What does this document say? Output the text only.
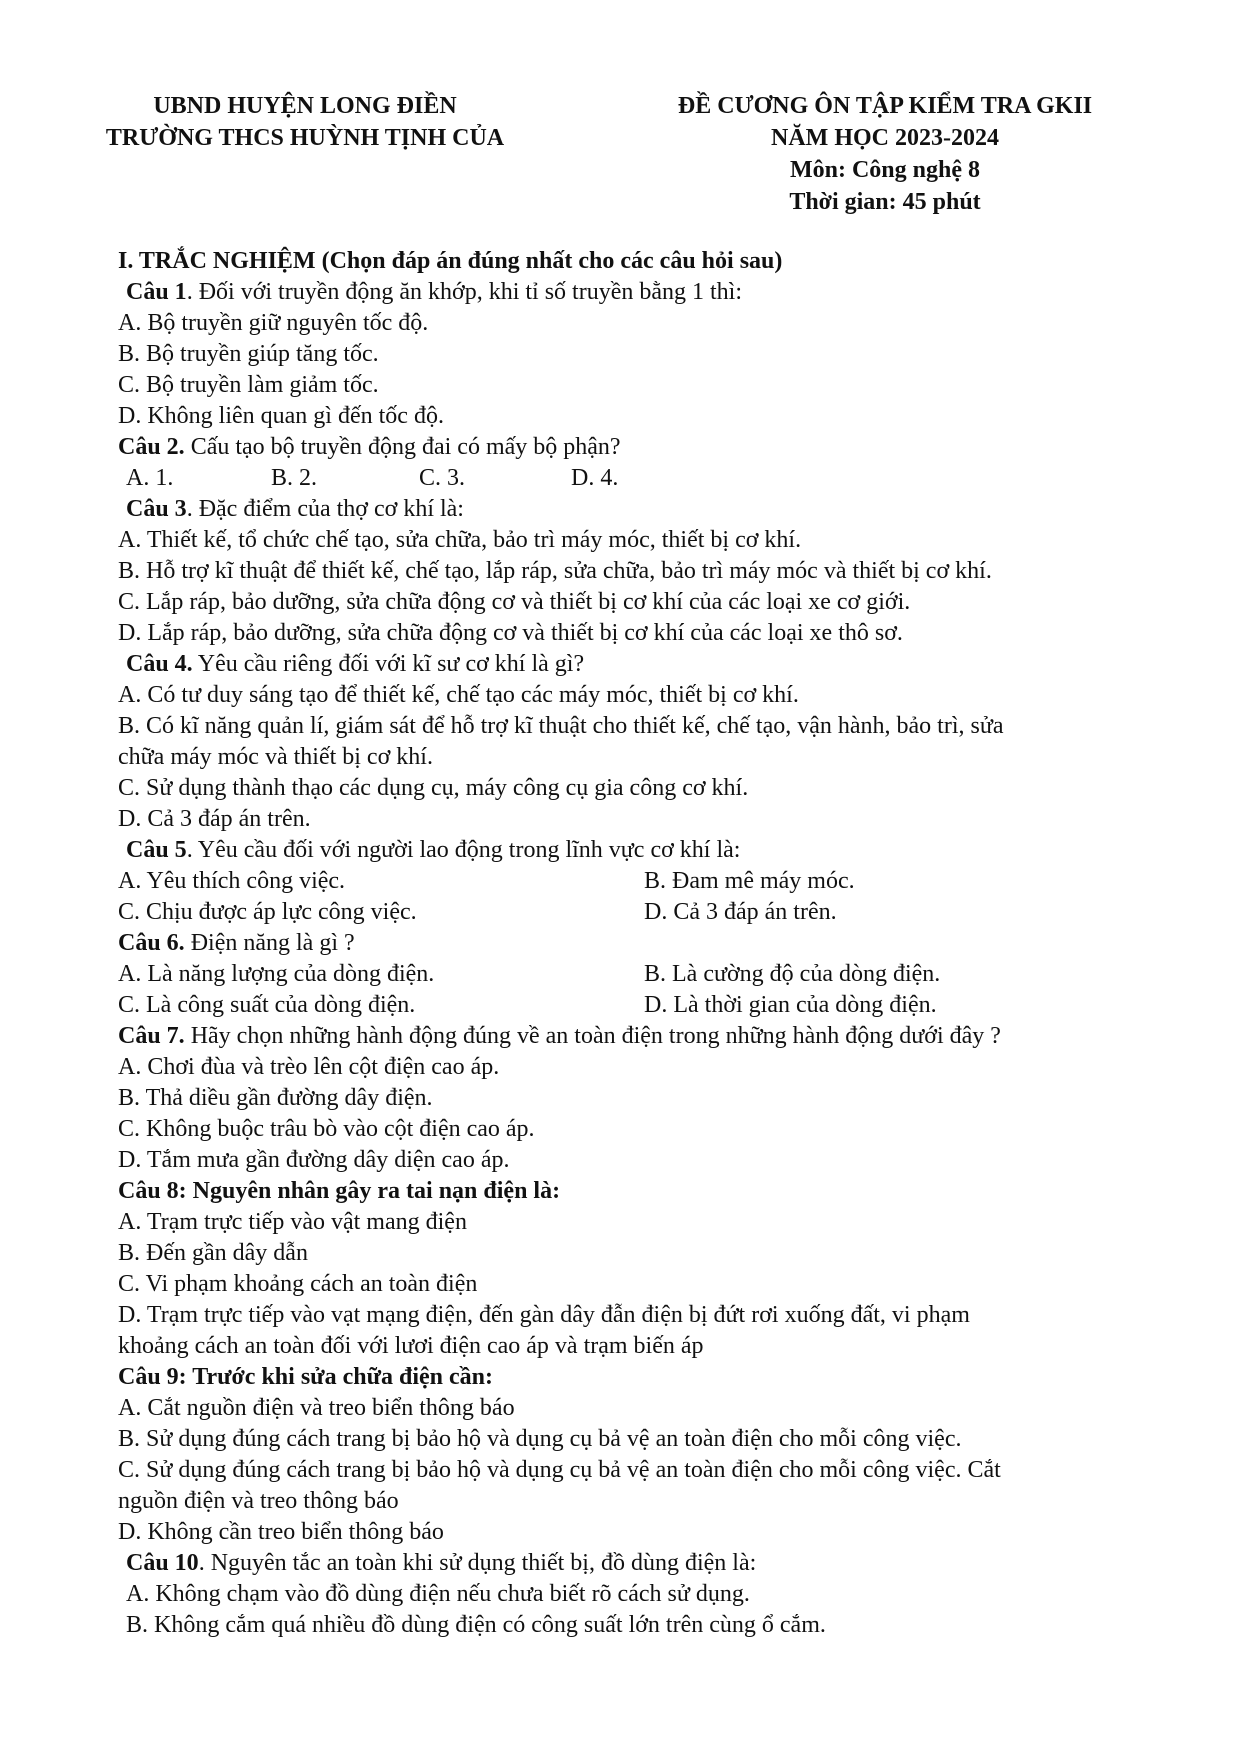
UBND HUYỆN LONG ĐIỀN
TRƯỜNG THCS HUỲNH TỊNH CỦA
ĐỀ CƯƠNG ÔN TẬP KIỂM TRA GKII
NĂM HỌC 2023-2024
Môn: Công nghệ 8
Thời gian: 45 phút
I. TRẮC NGHIỆM (Chọn đáp án đúng nhất cho các câu hỏi sau)
Câu 1. Đối với truyền động ăn khớp, khi tỉ số truyền bằng 1 thì:
A. Bộ truyền giữ nguyên tốc độ.
B. Bộ truyền giúp tăng tốc.
C. Bộ truyền làm giảm tốc.
D. Không liên quan gì đến tốc độ.
Câu 2. Cấu tạo bộ truyền động đai có mấy bộ phận?
A. 1.	B. 2.	C. 3.	D. 4.
Câu 3. Đặc điểm của thợ cơ khí là:
A. Thiết kế, tổ chức chế tạo, sửa chữa, bảo trì máy móc, thiết bị cơ khí.
B. Hỗ trợ kĩ thuật để thiết kế, chế tạo, lắp ráp, sửa chữa, bảo trì máy móc và thiết bị cơ khí.
C. Lắp ráp, bảo dưỡng, sửa chữa động cơ và thiết bị cơ khí của các loại xe cơ giới.
D. Lắp ráp, bảo dưỡng, sửa chữa động cơ và thiết bị cơ khí của các loại xe thô sơ.
Câu 4. Yêu cầu riêng đối với kĩ sư cơ khí là gì?
A. Có tư duy sáng tạo để thiết kế, chế tạo các máy móc, thiết bị cơ khí.
B. Có kĩ năng quản lí, giám sát để hỗ trợ kĩ thuật cho thiết kế, chế tạo, vận hành, bảo trì, sửa
chữa máy móc và thiết bị cơ khí.
C. Sử dụng thành thạo các dụng cụ, máy công cụ gia công cơ khí.
D. Cả 3 đáp án trên.
Câu 5. Yêu cầu đối với người lao động trong lĩnh vực cơ khí là:
A. Yêu thích công việc.	B. Đam mê máy móc.
C. Chịu được áp lực công việc.	D. Cả 3 đáp án trên.
Câu 6. Điện năng là gì ?
A. Là năng lượng của dòng điện.	B. Là cường độ của dòng điện.
C. Là công suất của dòng điện.	D. Là thời gian của dòng điện.
Câu 7. Hãy chọn những hành động đúng về an toàn điện trong những hành động dưới đây ?
A. Chơi đùa và trèo lên cột điện cao áp.
B. Thả diều gần đường dây điện.
C. Không buộc trâu bò vào cột điện cao áp.
D. Tắm mưa gần đường dây diện cao áp.
Câu 8: Nguyên nhân gây ra tai nạn điện là:
A. Trạm trực tiếp vào vật mang điện
B. Đến gần dây dẫn
C. Vi phạm khoảng cách an toàn điện
D. Trạm trực tiếp vào vạt mạng điện, đến gàn dây đẫn điện bị đứt rơi xuống đất, vi phạm
khoảng cách an toàn đối với lươi điện cao áp và trạm biến áp
Câu 9: Trước khi sửa chữa điện cần:
A. Cắt nguồn điện và treo biển thông báo
B. Sử dụng đúng cách trang bị bảo hộ và dụng cụ bả vệ an toàn điện cho mỗi công việc.
C. Sử dụng đúng cách trang bị bảo hộ và dụng cụ bả vệ an toàn điện cho mỗi công việc. Cắt
nguồn điện và treo thông báo
D. Không cần treo biển thông báo
Câu 10. Nguyên tắc an toàn khi sử dụng thiết bị, đồ dùng điện là:
A. Không chạm vào đồ dùng điện nếu chưa biết rõ cách sử dụng.
B. Không cắm quá nhiều đồ dùng điện có công suất lớn trên cùng ổ cắm.
